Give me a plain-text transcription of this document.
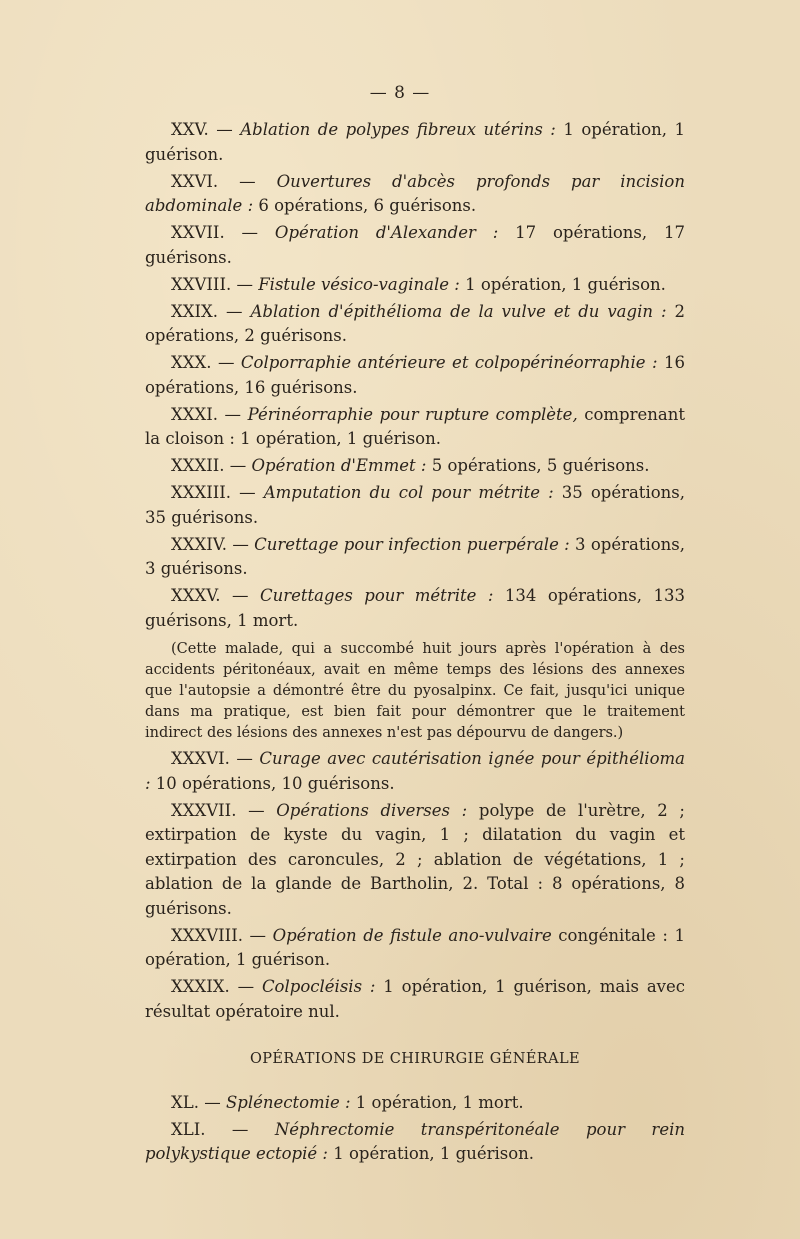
— 8 —

XXV. — Ablation de polypes fibreux utérins : 1 opération, 1 guérison.

XXVI. — Ouvertures d'abcès profonds par incision abdominale : 6 opérations, 6 guérisons.

XXVII. — Opération d'Alexander : 17 opérations, 17 guérisons.

XXVIII. — Fistule vésico-vaginale : 1 opération, 1 guérison.

XXIX. — Ablation d'épithélioma de la vulve et du vagin : 2 opérations, 2 guérisons.

XXX. — Colporraphie antérieure et colpopérinéorraphie : 16 opérations, 16 guérisons.

XXXI. — Périnéorraphie pour rupture complète, comprenant la cloison : 1 opération, 1 guérison.

XXXII. — Opération d'Emmet : 5 opérations, 5 guérisons.

XXXIII. — Amputation du col pour métrite : 35 opérations, 35 guérisons.

XXXIV. — Curettage pour infection puerpérale : 3 opérations, 3 guérisons.

XXXV. — Curettages pour métrite : 134 opérations, 133 guérisons, 1 mort.

(Cette malade, qui a succombé huit jours après l'opération à des accidents péritonéaux, avait en même temps des lésions des annexes que l'autopsie a démontré être du pyosalpinx. Ce fait, jusqu'ici unique dans ma pratique, est bien fait pour démontrer que le traitement indirect des lésions des annexes n'est pas dépourvu de dangers.)

XXXVI. — Curage avec cautérisation ignée pour épithélioma : 10 opérations, 10 guérisons.

XXXVII. — Opérations diverses : polype de l'urètre, 2 ; extirpation de kyste du vagin, 1 ; dilatation du vagin et extirpation des caroncules, 2 ; ablation de végétations, 1 ; ablation de la glande de Bartholin, 2. Total : 8 opérations, 8 guérisons.

XXXVIII. — Opération de fistule ano-vulvaire congénitale : 1 opération, 1 guérison.

XXXIX. — Colpocléisis : 1 opération, 1 guérison, mais avec résultat opératoire nul.

OPÉRATIONS DE CHIRURGIE GÉNÉRALE

XL. — Splénectomie : 1 opération, 1 mort.

XLI. — Néphrectomie transpéritonéale pour rein polykystique ectopié : 1 opération, 1 guérison.
